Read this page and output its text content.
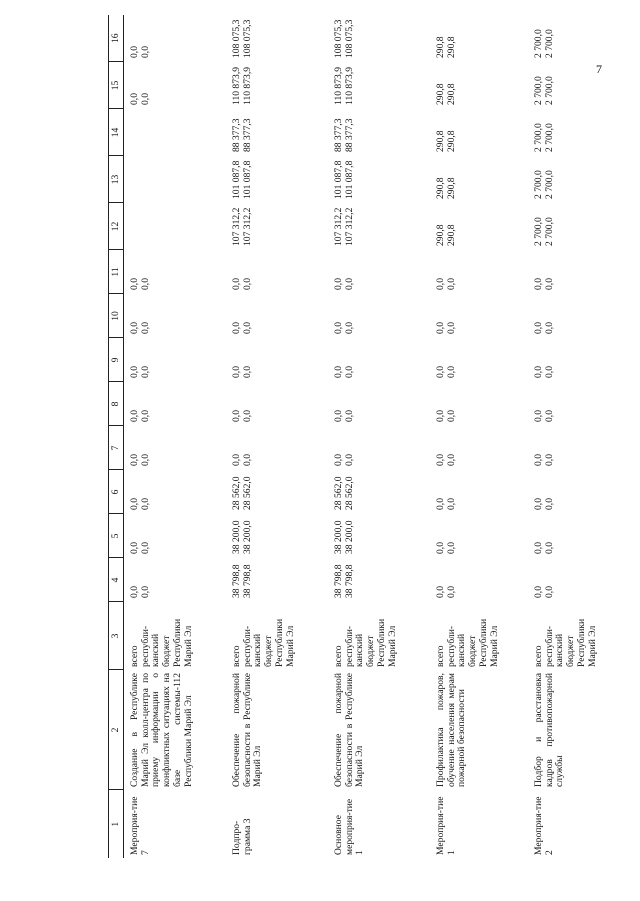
7
1	2	3	4	5	6	7	8	9	10	11	12	13	14	15	16
Мероприя-тие 7	Создание в Республике Марий Эл колл-центра по приему информации о конфликтных ситуациях на базе системы-112 Республики Марий Эл	всего республи-канский бюджет Республики Марий Эл	0,0 0,0	0,0 0,0	0,0 0,0	0,0 0,0	0,0 0,0	0,0 0,0	0,0 0,0	0,0 0,0				0,0 0,0	0,0 0,0

Подпро-грамма 3	Обеспечение пожарной безопасности в Республике Марий Эл	всего республи-канский бюджет Республики Марий Эл	38 798,8 38 798,8	38 200,0 38 200,0	28 562,0 28 562,0	0,0 0,0	0,0 0,0	0,0 0,0	0,0 0,0	0,0 0,0	107 312,2 107 312,2	101 087,8 101 087,8	88 377,3 88 377,3	110 873,9 110 873,9	108 075,3 108 075,3

Основное мероприя-тие 1	Обеспечение пожарной безопасности в Республике Марий Эл	всего республи-канский бюджет Республики Марий Эл	38 798,8 38 798,8	38 200,0 38 200,0	28 562,0 28 562,0	0,0 0,0	0,0 0,0	0,0 0,0	0,0 0,0	0,0 0,0	107 312,2 107 312,2	101 087,8 101 087,8	88 377,3 88 377,3	110 873,9 110 873,9	108 075,3 108 075,3

Мероприя-тие 1	Профилактика пожаров, обучение населения мерам пожарной безопасности	всего республи-канский бюджет Республики Марий Эл	0,0 0,0	0,0 0,0	0,0 0,0	0,0 0,0	0,0 0,0	0,0 0,0	0,0 0,0	0,0 0,0	290,8 290,8	290,8 290,8	290,8 290,8	290,8 290,8	290,8 290,8

Мероприя-тие 2	Подбор и расстановка кадров противопожарной службы	всего республи-канский бюджет Республики Марий Эл	0,0 0,0	0,0 0,0	0,0 0,0	0,0 0,0	0,0 0,0	0,0 0,0	0,0 0,0	0,0 0,0	2 700,0 2 700,0	2 700,0 2 700,0	2 700,0 2 700,0	2 700,0 2 700,0	2 700,0 2 700,0
